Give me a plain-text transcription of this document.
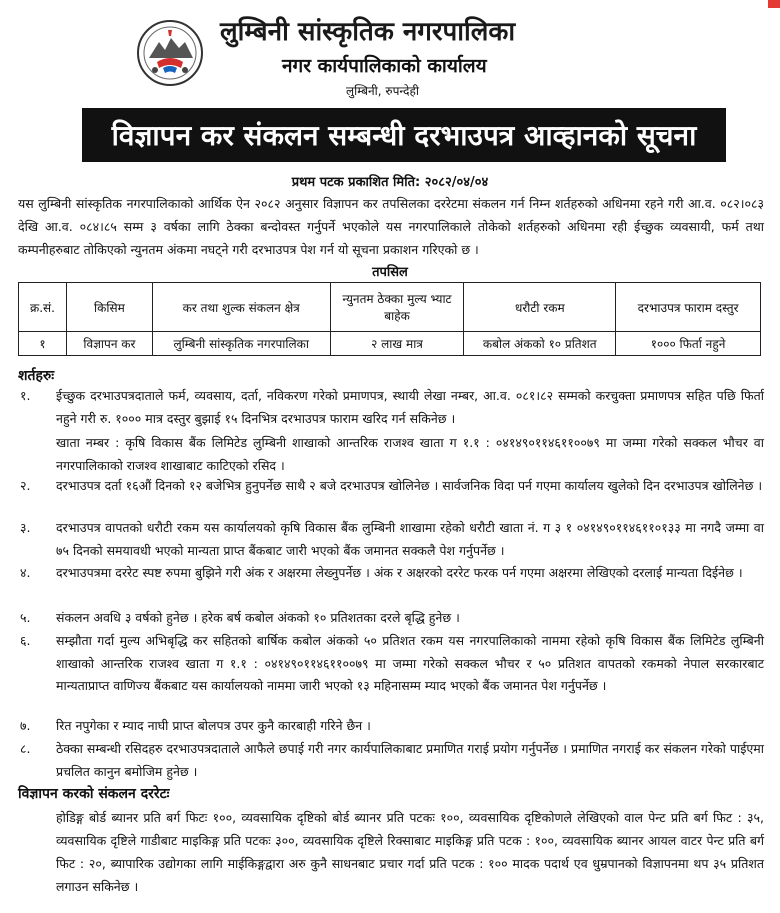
लुम्बिनी सांस्कृतिक नगरपालिका
नगर कार्यपालिकाको कार्यालय
लुम्बिनी, रुपन्देही
विज्ञापन कर संकलन सम्बन्धी दरभाउपत्र आव्हानको सूचना
प्रथम पटक प्रकाशित मिति: २०८२/०४/०४
यस लुम्बिनी सांस्कृतिक नगरपालिकाको आर्थिक ऐन २०८२ अनुसार विज्ञापन कर तपसिलका दररेटमा संकलन गर्न निम्न शर्तहरुको अधिनमा रहने गरी आ.व. ०८२।०८३ देखि आ.व. ०८४।८५ सम्म ३ वर्षका लागि ठेक्का बन्दोवस्त गर्नुपर्ने भएकोले यस नगरपालिकाले तोकेको शर्तहरुको अधिनमा रही ईच्छुक व्यवसायी, फर्म तथा कम्पनीहरुबाट तोकिएको न्युनतम अंकमा नघट्ने गरी दरभाउपत्र पेश गर्न यो सूचना प्रकाशन गरिएको छ ।
तपसिल
क्र.सं.	किसिम	कर तथा शुल्क संकलन क्षेत्र	न्युनतम ठेक्का मुल्य भ्याट बाहेक	धरौटी रकम	दरभाउपत्र फाराम दस्तुर
१	विज्ञापन कर	लुम्बिनी सांस्कृतिक नगरपालिका	२ लाख मात्र	कबोल अंकको १० प्रतिशत	१००० फिर्ता नहुने
शर्तहरुः
१.	ईच्छुक दरभाउपत्रदाताले फर्म, व्यवसाय, दर्ता, नविकरण गरेको प्रमाणपत्र, स्थायी लेखा नम्बर, आ.व. ०८१।८२ सम्मको करचुक्ता प्रमाणपत्र सहित पछि फिर्ता नहुने गरी रु. १००० मात्र दस्तुर बुझाई १५ दिनभित्र दरभाउपत्र फाराम खरिद गर्न सकिनेछ ।

खाता नम्बर : कृषि विकास बैंक लिमिटेड लुम्बिनी शाखाको आन्तरिक राजश्व खाता ग १.१ : ०४१४९०११४६११००७९ मा जम्मा गरेको सक्कल भौचर वा नगरपालिकाको राजश्व शाखाबाट काटिएको रसिद ।

२.	दरभाउपत्र दर्ता १६औं दिनको १२ बजेभित्र हुनुपर्नेछ साथै २ बजे दरभाउपत्र खोलिनेछ । सार्वजनिक विदा पर्न गएमा कार्यालय खुलेको दिन दरभाउपत्र खोलिनेछ ।

३.	दरभाउपत्र वापतको धरौटी रकम यस कार्यालयको कृषि विकास बैंक लुम्बिनी शाखामा रहेको धरौटी खाता नं. ग ३ १ ०४१४९०११४६११०१३३ मा नगदै जम्मा वा ७५ दिनको समयावधी भएको मान्यता प्राप्त बैंकबाट जारी भएको बैंक जमानत सक्कलै पेश गर्नुपर्नेछ ।

४.	दरभाउपत्रमा दररेट स्पष्ट रुपमा बुझिने गरी अंक र अक्षरमा लेख्नुपर्नेछ । अंक र अक्षरको दररेट फरक पर्न गएमा अक्षरमा लेखिएको दरलाई मान्यता दिईनेछ ।

५.	संकलन अवधि ३ वर्षको हुनेछ । हरेक बर्ष कबोल अंकको १० प्रतिशतका दरले बृद्धि हुनेछ ।

६.	सम्झौता गर्दा मुल्य अभिबृद्धि कर सहितको बार्षिक कबोल अंकको ५० प्रतिशत रकम यस नगरपालिकाको नाममा रहेको कृषि विकास बैंक लिमिटेड लुम्बिनी शाखाको आन्तरिक राजश्व खाता ग १.१ : ०४१४९०११४६११००७९ मा जम्मा गरेको सक्कल भौचर र ५० प्रतिशत वापतको रकमको नेपाल सरकारबाट मान्यताप्राप्त वाणिज्य बैंकबाट यस कार्यालयको नाममा जारी भएको १३ महिनासम्म म्याद भएको बैंक जमानत पेश गर्नुपर्नेछ ।

७.	रित नपुगेका र म्याद नाघी प्राप्त बोलपत्र उपर कुनै कारबाही गरिने छैन ।

८.	ठेक्का सम्बन्धी रसिदहरु दरभाउपत्रदाताले आफैले छपाई गरी नगर कार्यपालिकाबाट प्रमाणित गराई प्रयोग गर्नुपर्नेछ । प्रमाणित नगराई कर संकलन गरेको पाईएमा प्रचलित कानुन बमोजिम हुनेछ ।

विज्ञापन करको संकलन दररेटः
होडिङ्ग बोर्ड ब्यानर प्रति बर्ग फिटः १००, व्यवसायिक दृष्टिको बोर्ड ब्यानर प्रति पटकः १००, व्यवसायिक दृष्टिकोणले लेखिएको वाल पेन्ट प्रति बर्ग फिट : ३५, व्यवसायिक दृष्टिले गाडीबाट माइकिङ्ग प्रति पटकः ३००, व्यवसायिक दृष्टिले रिक्साबाट माइकिङ्ग प्रति पटक : १००, व्यवसायिक ब्यानर आयल वाटर पेन्ट प्रति बर्ग फिट : २०, ब्यापारिक उद्योगका लागि माईकिङ्गद्वारा अरु कुनै साधनबाट प्रचार गर्दा प्रति पटक : १०० मादक पदार्थ एव धुम्रपानको विज्ञापनमा थप ३५ प्रतिशत लगाउन सकिनेछ ।
